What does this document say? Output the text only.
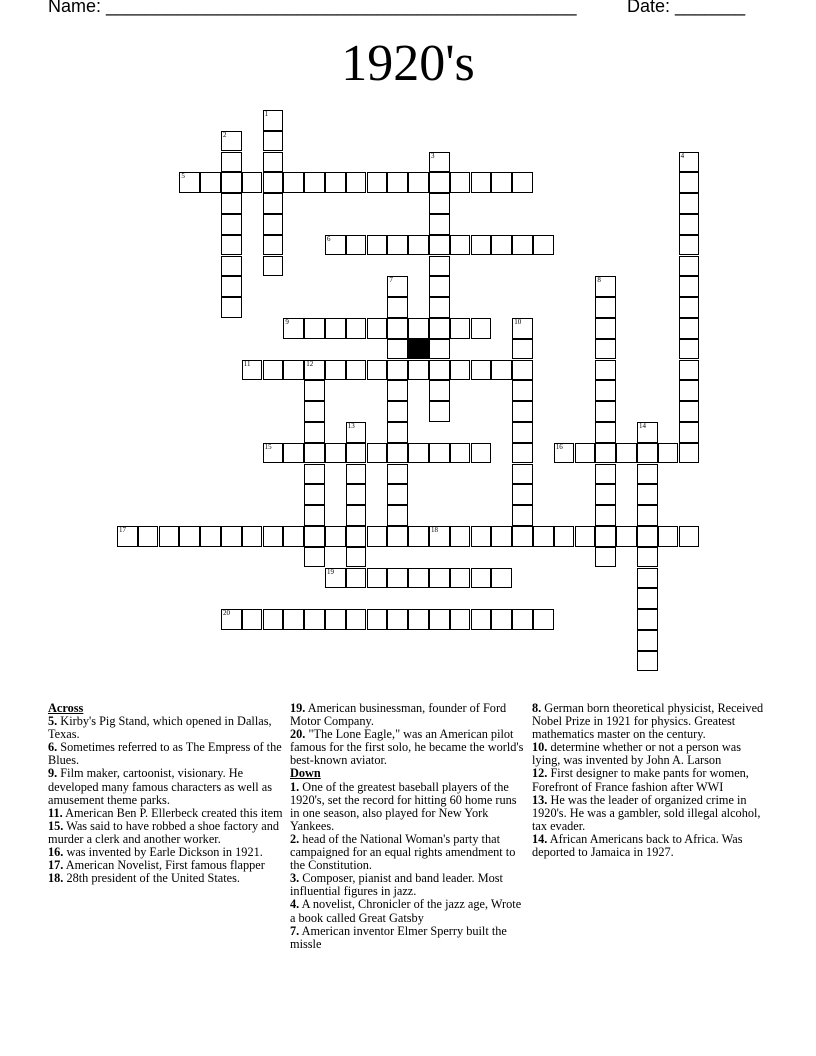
Name: _______________________________________________	Date: _______
1920's
1
2
3	4
5
6
7	8
9	10
11	12
13	14
15	16
17	18
19
20
Across
5. Kirby's Pig Stand, which opened in Dallas, Texas.
6. Sometimes referred to as The Empress of the Blues.
9. Film maker, cartoonist, visionary. He developed many famous characters as well as amusement theme parks.
11. American Ben P. Ellerbeck created this item
15. Was said to have robbed a shoe factory and murder a clerk and another worker.
16. was invented by Earle Dickson in 1921.
17. American Novelist, First famous flapper
18. 28th president of the United States.
19. American businessman, founder of Ford Motor Company.
20. "The Lone Eagle," was an American pilot famous for the first solo, he became the world's best-known aviator.
Down
1. One of the greatest baseball players of the 1920's, set the record for hitting 60 home runs in one season, also played for New York Yankees.
2. head of the National Woman's party that campaigned for an equal rights amendment to the Constitution.
3. Composer, pianist and band leader. Most influential figures in jazz.
4. A novelist, Chronicler of the jazz age, Wrote a book called Great Gatsby
7. American inventor Elmer Sperry built the missle
8. German born theoretical physicist, Received Nobel Prize in 1921 for physics. Greatest mathematics master on the century.
10. determine whether or not a person was lying, was invented by John A. Larson
12. First designer to make pants for women, Forefront of France fashion after WWI
13. He was the leader of organized crime in 1920's. He was a gambler, sold illegal alcohol, tax evader.
14. African Americans back to Africa. Was deported to Jamaica in 1927.
